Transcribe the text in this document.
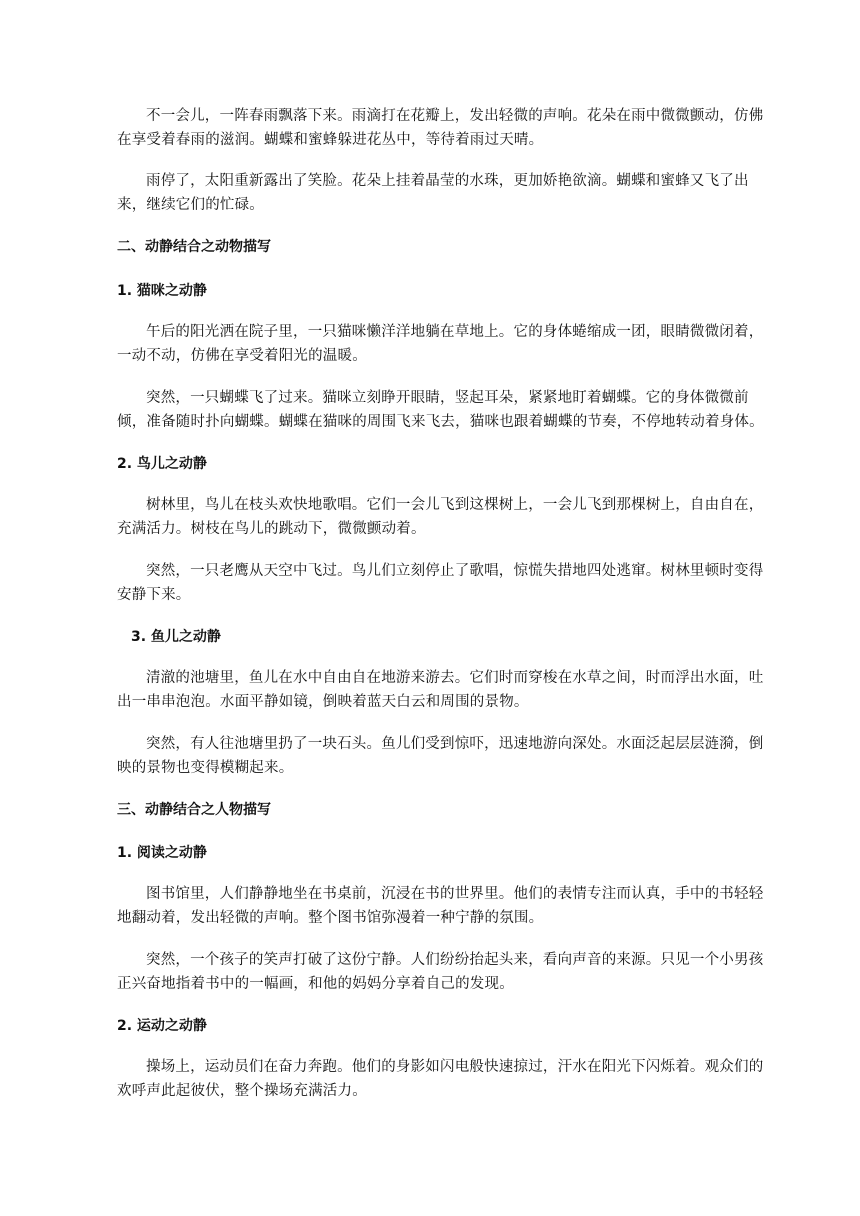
不一会儿，一阵春雨飘落下来。雨滴打在花瓣上，发出轻微的声响。花朵在雨中微微颤动，仿佛在享受着春雨的滋润。蝴蝶和蜜蜂躲进花丛中，等待着雨过天晴。
雨停了，太阳重新露出了笑脸。花朵上挂着晶莹的水珠，更加娇艳欲滴。蝴蝶和蜜蜂又飞了出来，继续它们的忙碌。
二、动静结合之动物描写
1. 猫咪之动静
午后的阳光洒在院子里，一只猫咪懒洋洋地躺在草地上。它的身体蜷缩成一团，眼睛微微闭着，一动不动，仿佛在享受着阳光的温暖。
突然，一只蝴蝶飞了过来。猫咪立刻睁开眼睛，竖起耳朵，紧紧地盯着蝴蝶。它的身体微微前倾，准备随时扑向蝴蝶。蝴蝶在猫咪的周围飞来飞去，猫咪也跟着蝴蝶的节奏，不停地转动着身体。
2. 鸟儿之动静
树林里，鸟儿在枝头欢快地歌唱。它们一会儿飞到这棵树上，一会儿飞到那棵树上，自由自在，充满活力。树枝在鸟儿的跳动下，微微颤动着。
突然，一只老鹰从天空中飞过。鸟儿们立刻停止了歌唱，惊慌失措地四处逃窜。树林里顿时变得安静下来。
3. 鱼儿之动静
清澈的池塘里，鱼儿在水中自由自在地游来游去。它们时而穿梭在水草之间，时而浮出水面，吐出一串串泡泡。水面平静如镜，倒映着蓝天白云和周围的景物。
突然，有人往池塘里扔了一块石头。鱼儿们受到惊吓，迅速地游向深处。水面泛起层层涟漪，倒映的景物也变得模糊起来。
三、动静结合之人物描写
1. 阅读之动静
图书馆里，人们静静地坐在书桌前，沉浸在书的世界里。他们的表情专注而认真，手中的书轻轻地翻动着，发出轻微的声响。整个图书馆弥漫着一种宁静的氛围。
突然，一个孩子的笑声打破了这份宁静。人们纷纷抬起头来，看向声音的来源。只见一个小男孩正兴奋地指着书中的一幅画，和他的妈妈分享着自己的发现。
2. 运动之动静
操场上，运动员们在奋力奔跑。他们的身影如闪电般快速掠过，汗水在阳光下闪烁着。观众们的欢呼声此起彼伏，整个操场充满活力。
